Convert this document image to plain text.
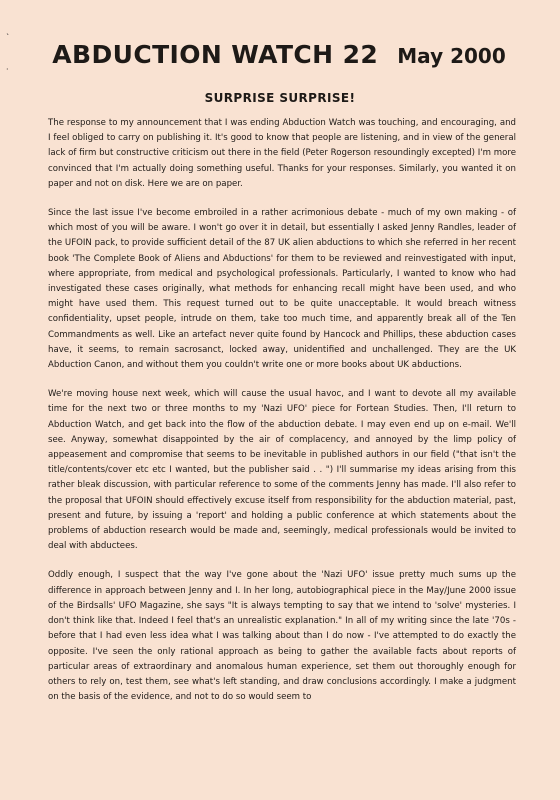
`
·
ABDUCTION WATCH 22 May 2000
SURPRISE SURPRISE!

The response to my announcement that I was ending Abduction Watch was touching, and encouraging, and I feel obliged to carry on publishing it. It's good to know that people are listening, and in view of the general lack of firm but constructive criticism out there in the field (Peter Rogerson resoundingly excepted) I'm more convinced that I'm actually doing something useful. Thanks for your responses. Similarly, you wanted it on paper and not on disk. Here we are on paper.

Since the last issue I've become embroiled in a rather acrimonious debate - much of my own making - of which most of you will be aware. I won't go over it in detail, but essentially I asked Jenny Randles, leader of the UFOIN pack, to provide sufficient detail of the 87 UK alien abductions to which she referred in her recent book 'The Complete Book of Aliens and Abductions' for them to be reviewed and reinvestigated with input, where appropriate, from medical and psychological professionals. Particularly, I wanted to know who had investigated these cases originally, what methods for enhancing recall might have been used, and who might have used them. This request turned out to be quite unacceptable. It would breach witness confidentiality, upset people, intrude on them, take too much time, and apparently break all of the Ten Commandments as well. Like an artefact never quite found by Hancock and Phillips, these abduction cases have, it seems, to remain sacrosanct, locked away, unidentified and unchallenged. They are the UK Abduction Canon, and without them you couldn't write one or more books about UK abductions.

We're moving house next week, which will cause the usual havoc, and I want to devote all my available time for the next two or three months to my 'Nazi UFO' piece for Fortean Studies. Then, I'll return to Abduction Watch, and get back into the flow of the abduction debate. I may even end up on e-mail. We'll see. Anyway, somewhat disappointed by the air of complacency, and annoyed by the limp policy of appeasement and compromise that seems to be inevitable in published authors in our field ("that isn't the title/contents/cover etc etc I wanted, but the publisher said . . ") I'll summarise my ideas arising from this rather bleak discussion, with particular reference to some of the comments Jenny has made. I'll also refer to the proposal that UFOIN should effectively excuse itself from responsibility for the abduction material, past, present and future, by issuing a 'report' and holding a public conference at which statements about the problems of abduction research would be made and, seemingly, medical professionals would be invited to deal with abductees.

Oddly enough, I suspect that the way I've gone about the 'Nazi UFO' issue pretty much sums up the difference in approach between Jenny and I. In her long, autobiographical piece in the May/June 2000 issue of the Birdsalls' UFO Magazine, she says "It is always tempting to say that we intend to 'solve' mysteries. I don't think like that. Indeed I feel that's an unrealistic explanation." In all of my writing since the late '70s - before that I had even less idea what I was talking about than I do now - I've attempted to do exactly the opposite. I've seen the only rational approach as being to gather the available facts about reports of particular areas of extraordinary and anomalous human experience, set them out thoroughly enough for others to rely on, test them, see what's left standing, and draw conclusions accordingly. I make a judgment on the basis of the evidence, and not to do so would seem to
